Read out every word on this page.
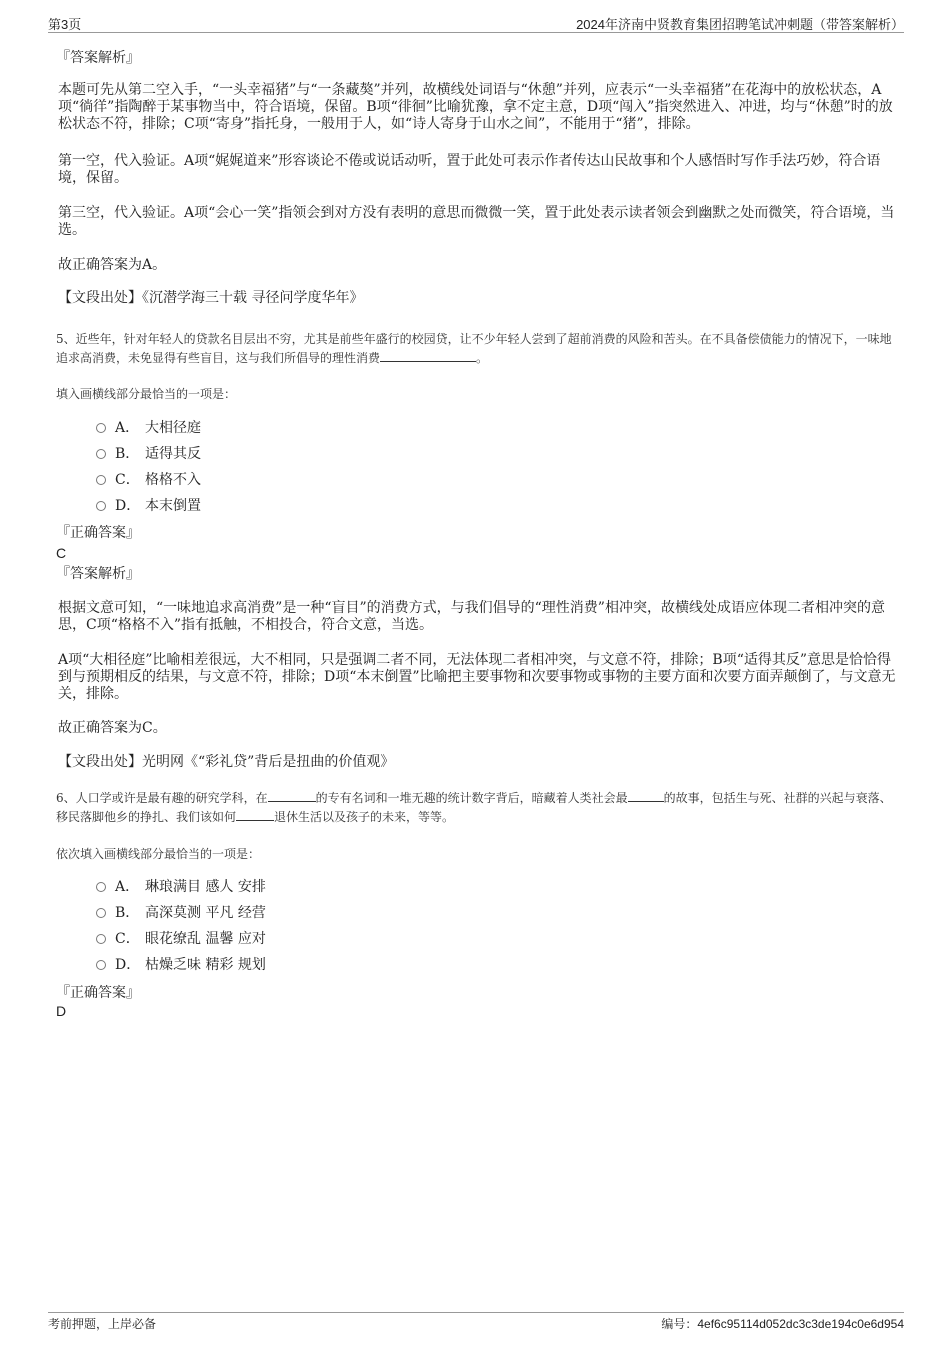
第3页	2024年济南中贤教育集团招聘笔试冲刺题（带答案解析）
『答案解析』
本题可先从第二空入手，“一头幸福猪”与“一条藏獒”并列，故横线处词语与“休憩”并列，应表示“一头幸福猪”在花海中的放松状态，A项“徜徉”指陶醉于某事物当中，符合语境，保留。B项“徘徊”比喻犹豫，拿不定主意，D项“闯入”指突然进入、冲进，均与“休憩”时的放松状态不符，排除；C项“寄身”指托身，一般用于人，如“诗人寄身于山水之间”，不能用于“猪”，排除。
第一空，代入验证。A项“娓娓道来”形容谈论不倦或说话动听，置于此处可表示作者传达山民故事和个人感悟时写作手法巧妙，符合语境，保留。
第三空，代入验证。A项“会心一笑”指领会到对方没有表明的意思而微微一笑，置于此处表示读者领会到幽默之处而微笑，符合语境，当选。
故正确答案为A。
【文段出处】《沉潜学海三十载 寻径问学度华年》
5、近些年，针对年轻人的贷款名目层出不穷，尤其是前些年盛行的校园贷，让不少年轻人尝到了超前消费的风险和苦头。在不具备偿债能力的情况下，一味地追求高消费，未免显得有些盲目，这与我们所倡导的理性消费	。
填入画横线部分最恰当的一项是：
A． 大相径庭
B． 适得其反
C． 格格不入
D． 本末倒置
『正确答案』
C
『答案解析』
根据文意可知，“一味地追求高消费”是一种“盲目”的消费方式，与我们倡导的“理性消费”相冲突，故横线处成语应体现二者相冲突的意思，C项“格格不入”指有抵触，不相投合，符合文意，当选。
A项“大相径庭”比喻相差很远，大不相同，只是强调二者不同，无法体现二者相冲突，与文意不符，排除；B项“适得其反”意思是恰恰得到与预期相反的结果，与文意不符，排除；D项“本末倒置”比喻把主要事物和次要事物或事物的主要方面和次要方面弄颠倒了，与文意无关，排除。
故正确答案为C。
【文段出处】光明网《“彩礼贷”背后是扭曲的价值观》
6、人口学或许是最有趣的研究学科，在	的专有名词和一堆无趣的统计数字背后，暗藏着人类社会最	的故事，包括生与死、社群的兴起与衰落、移民落脚他乡的挣扎、我们该如何	退休生活以及孩子的未来，等等。
依次填入画横线部分最恰当的一项是：
A． 琳琅满目 感人 安排
B． 高深莫测 平凡 经营
C． 眼花缭乱 温馨 应对
D． 枯燥乏味 精彩 规划
『正确答案』
D
考前押题，上岸必备	编号：4ef6c95114d052dc3c3de194c0e6d954
